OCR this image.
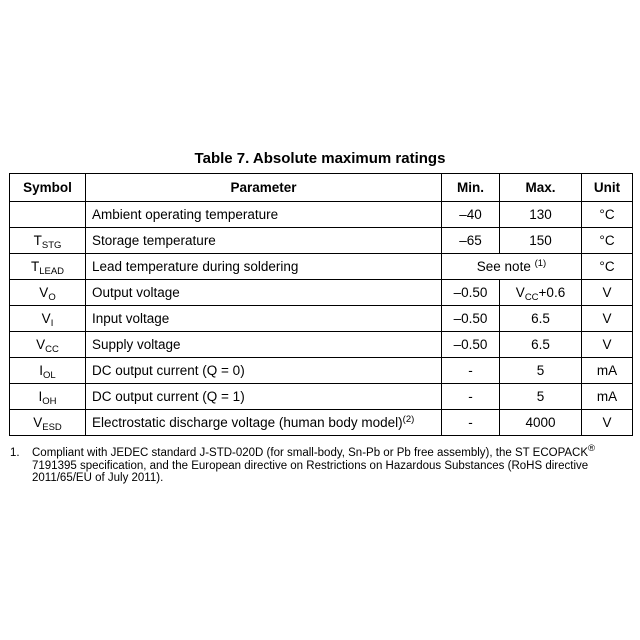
Table 7. Absolute maximum ratings
Symbol	Parameter	Min.	Max.	Unit
	Ambient operating temperature	–40	130	°C
$T_{STG}$	Storage temperature	–65	150	°C
$T_{LEAD}$	Lead temperature during soldering	See note $^{(1)}$		°C
$V_O$	Output voltage	–0.50	$V_{CC}+0.6$	V
$V_I$	Input voltage	–0.50	6.5	V
$V_{CC}$	Supply voltage	–0.50	6.5	V
$I_{OL}$	DC output current (Q = 0)	-	5	mA
$I_{OH}$	DC output current (Q = 1)	-	5	mA
$V_{ESD}$	Electrostatic discharge voltage (human body model)$^{(2)}$	-	4000	V
1. Compliant with JEDEC standard J-STD-020D (for small-body, Sn-Pb or Pb free assembly), the ST ECOPACK® 7191395 specification, and the European directive on Restrictions on Hazardous Substances (RoHS directive 2011/65/EU of July 2011).
